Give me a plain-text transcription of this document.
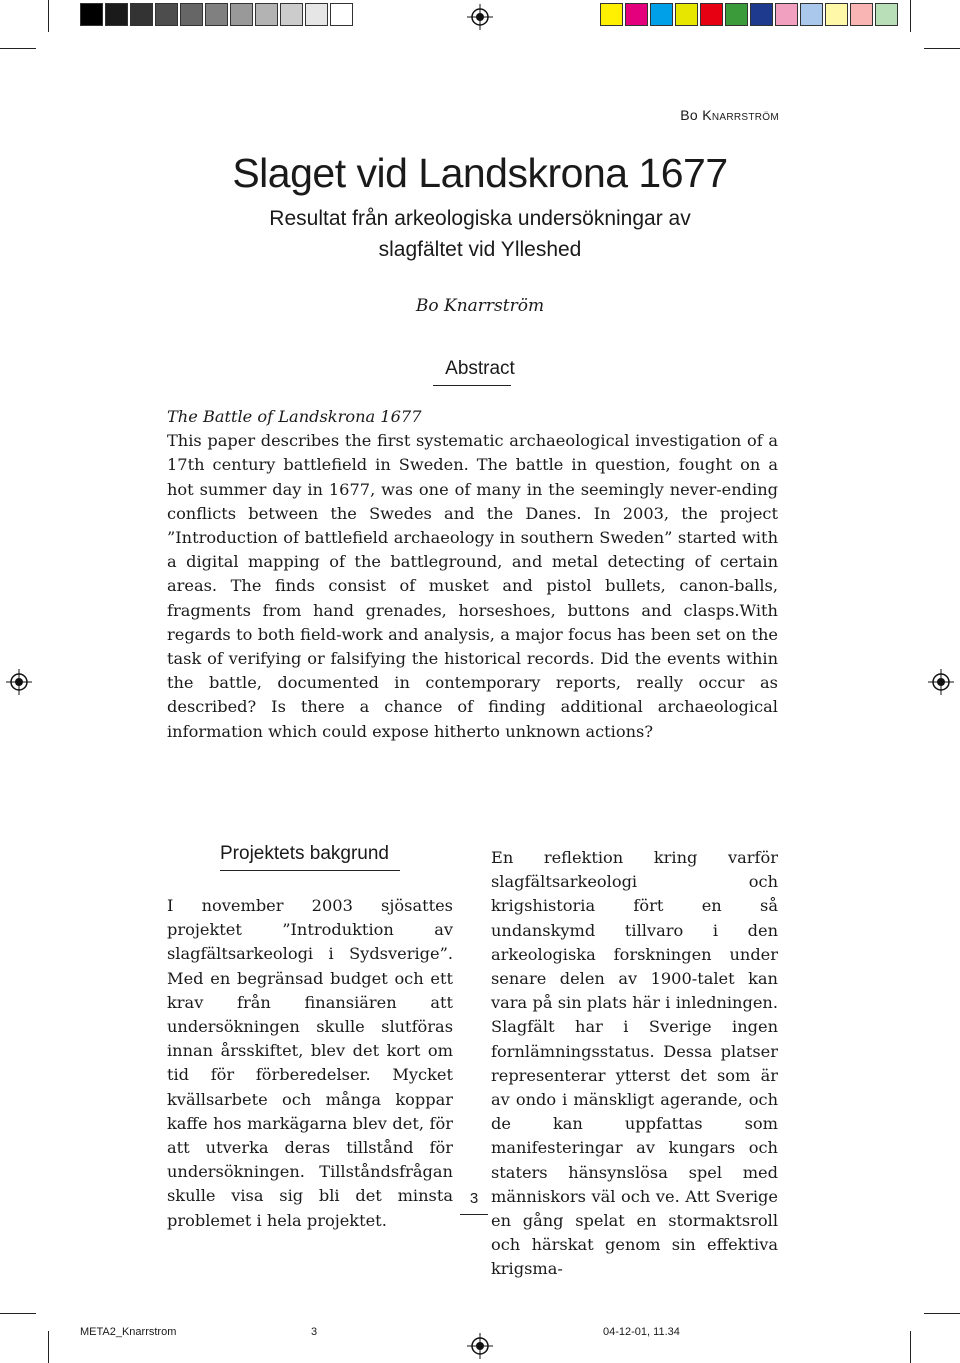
Bo Knarrström
Slaget vid Landskrona 1677
Resultat från arkeologiska undersökningar av
slagfältet vid Ylleshed
Bo Knarrström
Abstract
The Battle of Landskrona 1677
This paper describes the first systematic archaeological investigation of a 17th century battlefield in Sweden. The battle in question, fought on a hot summer day in 1677, was one of many in the seemingly never-ending conflicts between the Swedes and the Danes. In 2003, the project ”Introduction of battlefield archaeology in southern Sweden” started with a digital mapping of the battleground, and metal detecting of certain areas. The finds consist of musket and pistol bullets, canon-balls, fragments from hand grenades, horseshoes, buttons and clasps.With regards to both field-work and analysis, a major focus has been set on the task of verifying or falsifying the historical records. Did the events within the battle, documented in contemporary reports, really occur as described? Is there a chance of finding additional archaeological information which could expose hitherto unknown actions?
Projektets bakgrund
I november 2003 sjösattes projektet ”Introduktion av slagfältsarkeologi i Sydsverige”. Med en begränsad budget och ett krav från finansiären att undersökningen skulle slutföras innan årsskiftet, blev det kort om tid för förberedelser. Mycket kvällsarbete och många koppar kaffe hos markägarna blev det, för att utverka deras tillstånd för undersökningen. Tillståndsfrågan skulle visa sig bli det minsta problemet i hela projektet.
En reflektion kring varför slagfältsarkeologi och krigshistoria fört en så undanskymd tillvaro i den arkeologiska forskningen under senare delen av 1900-talet kan vara på sin plats här i inledningen. Slagfält har i Sverige ingen fornlämningsstatus. Dessa platser representerar ytterst det som är av ondo i mänskligt agerande, och de kan uppfattas som manifesteringar av kungars och staters hänsynslösa spel med människors väl och ve. Att Sverige en gång spelat en stormaktsroll och härskat genom sin effektiva krigsma-
3
META2_Knarrstrom	3	04-12-01, 11.34
